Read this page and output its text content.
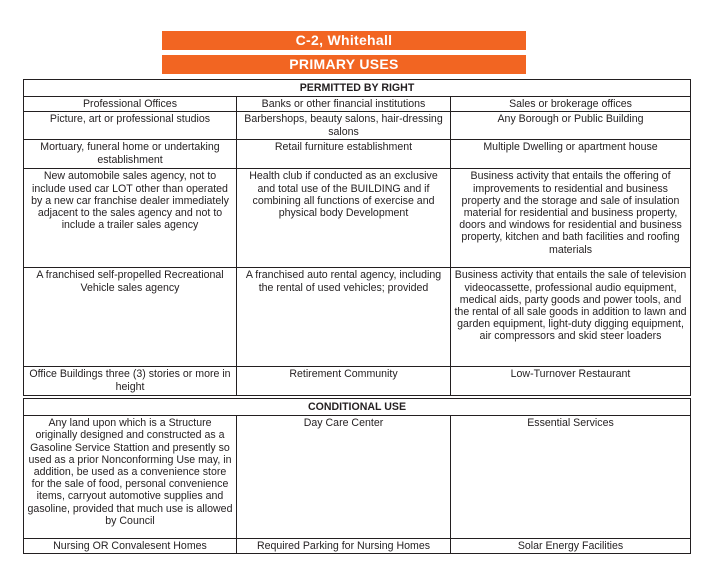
C-2, Whitehall
PRIMARY USES
PERMITTED BY RIGHT		
Professional Offices	Banks or other financial institutions	Sales or brokerage offices
Picture, art or professional studios	Barbershops, beauty salons, hair-dressing salons	Any Borough or Public Building
Mortuary, funeral home or undertaking establishment	Retail furniture establishment	Multiple Dwelling or apartment house
New automobile sales agency, not to include used car LOT other than operated by a new car franchise dealer immediately adjacent to the sales agency and not to include a trailer sales agency	Health club if conducted as an exclusive and total use of the BUILDING and if combining all functions of exercise and physical body Development	Business activity that entails the offering of improvements to residential and business property and the storage and sale of insulation material for residential and business property, doors and windows for residential and business property, kitchen and bath facilities and roofing materials
A franchised self-propelled Recreational Vehicle sales agency	A franchised auto rental agency, including the rental of used vehicles; provided	Business activity that entails the sale of television videocassette, professional audio equipment, medical aids, party goods and power tools, and the rental of all sale goods in addition to lawn and garden equipment, light-duty digging equipment, air compressors and skid steer loaders
Office Buildings three (3) stories or more in height	Retirement Community	Low-Turnover Restaurant
CONDITIONAL USE		
Any land upon which is a Structure originally designed and constructed as a Gasoline Service Stattion and presently so used as a prior Nonconforming Use may, in addition, be used as a convenience store for the sale of food, personal convenience items, carryout automotive supplies and gasoline, provided that much use is allowed by Council	Day Care Center	Essential Services
Nursing OR Convalesent Homes	Required Parking for Nursing Homes	Solar Energy Facilities
